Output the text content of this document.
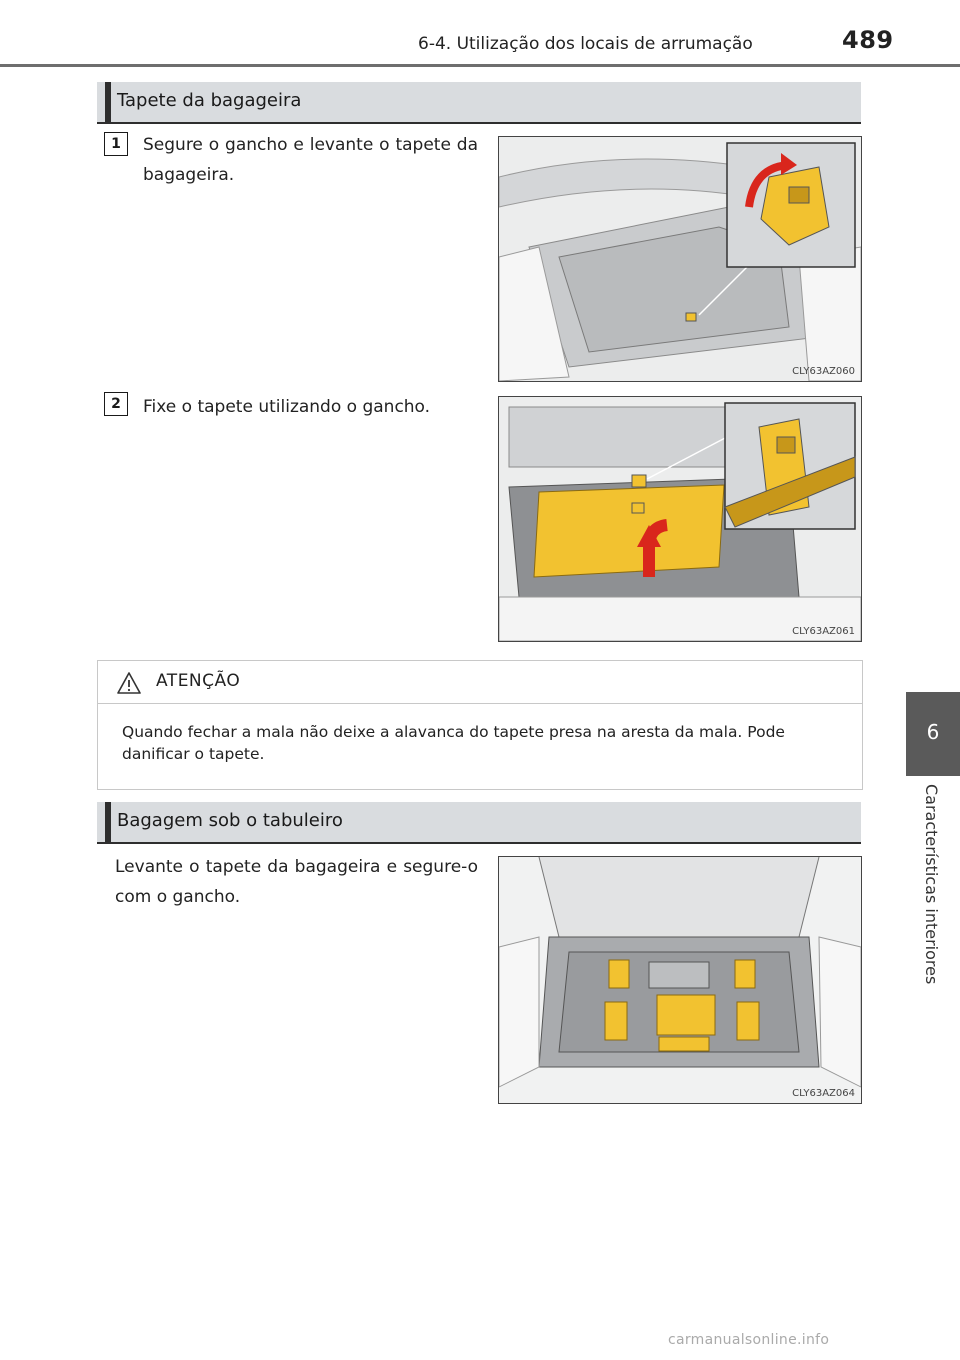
6-4. Utilização dos locais de arrumação	489
6
Características interiores
Tapete da bagageira
1	Segure o gancho e levante o tapete da bagageira.
CLY63AZ060
2	Fixe o tapete utilizando o gancho.
CLY63AZ061
ATENÇÃO
Quando fechar a mala não deixe a alavanca do tapete presa na aresta da mala. Pode danificar o tapete.
Bagagem sob o tabuleiro
Levante o tapete da bagageira e segure-o com o gancho.
CLY63AZ064
carmanualsonline.info
